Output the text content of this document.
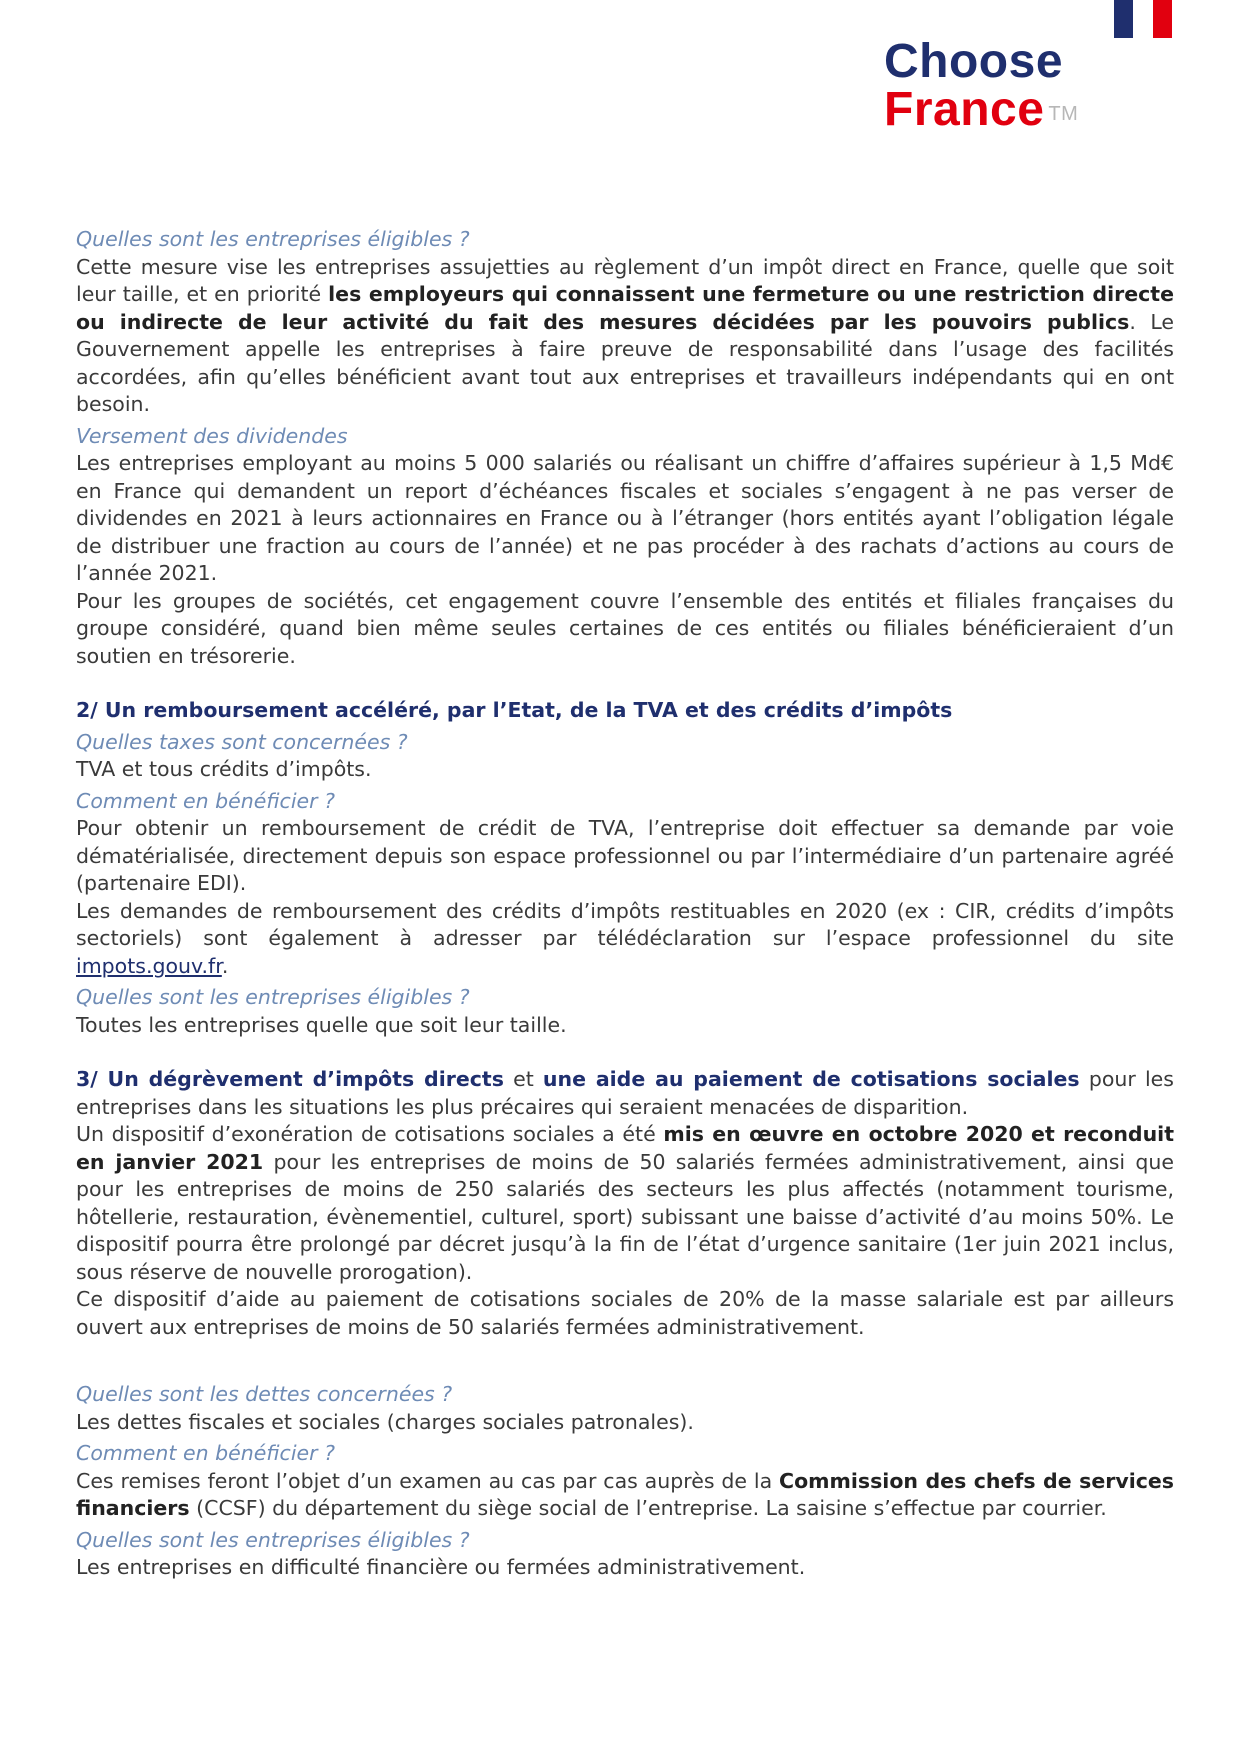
Choose
France ™

Quelles sont les entreprises éligibles ?

Cette mesure vise les entreprises assujetties au règlement d’un impôt direct en France, quelle que soit leur taille, et en priorité les employeurs qui connaissent une fermeture ou une restriction directe ou indirecte de leur activité du fait des mesures décidées par les pouvoirs publics. Le Gouvernement appelle les entreprises à faire preuve de responsabilité dans l’usage des facilités accordées, afin qu’elles bénéficient avant tout aux entreprises et travailleurs indépendants qui en ont besoin.

Versement des dividendes

Les entreprises employant au moins 5 000 salariés ou réalisant un chiffre d’affaires supérieur à 1,5 Md€ en France qui demandent un report d’échéances fiscales et sociales s’engagent à ne pas verser de dividendes en 2021 à leurs actionnaires en France ou à l’étranger (hors entités ayant l’obligation légale de distribuer une fraction au cours de l’année) et ne pas procéder à des rachats d’actions au cours de l’année 2021.

Pour les groupes de sociétés, cet engagement couvre l’ensemble des entités et filiales françaises du groupe considéré, quand bien même seules certaines de ces entités ou filiales bénéficieraient d’un soutien en trésorerie.

2/ Un remboursement accéléré, par l’Etat, de la TVA et des crédits d’impôts

Quelles taxes sont concernées ?

TVA et tous crédits d’impôts.

Comment en bénéficier ?

Pour obtenir un remboursement de crédit de TVA, l’entreprise doit effectuer sa demande par voie dématérialisée, directement depuis son espace professionnel ou par l’intermédiaire d’un partenaire agréé (partenaire EDI).

Les demandes de remboursement des crédits d’impôts restituables en 2020 (ex : CIR, crédits d’impôts sectoriels) sont également à adresser par télédéclaration sur l’espace professionnel du site impots.gouv.fr.

Quelles sont les entreprises éligibles ?

Toutes les entreprises quelle que soit leur taille.

3/ Un dégrèvement d’impôts directs et une aide au paiement de cotisations sociales pour les entreprises dans les situations les plus précaires qui seraient menacées de disparition.

Un dispositif d’exonération de cotisations sociales a été mis en œuvre en octobre 2020 et reconduit en janvier 2021 pour les entreprises de moins de 50 salariés fermées administrativement, ainsi que pour les entreprises de moins de 250 salariés des secteurs les plus affectés (notamment tourisme, hôtellerie, restauration, évènementiel, culturel, sport) subissant une baisse d’activité d’au moins 50%. Le dispositif pourra être prolongé par décret jusqu’à la fin de l’état d’urgence sanitaire (1er juin 2021 inclus, sous réserve de nouvelle prorogation).

Ce dispositif d’aide au paiement de cotisations sociales de 20% de la masse salariale est par ailleurs ouvert aux entreprises de moins de 50 salariés fermées administrativement.

Quelles sont les dettes concernées ?

Les dettes fiscales et sociales (charges sociales patronales).

Comment en bénéficier ?

Ces remises feront l’objet d’un examen au cas par cas auprès de la Commission des chefs de services financiers (CCSF) du département du siège social de l’entreprise. La saisine s’effectue par courrier.

Quelles sont les entreprises éligibles ?

Les entreprises en difficulté financière ou fermées administrativement.
